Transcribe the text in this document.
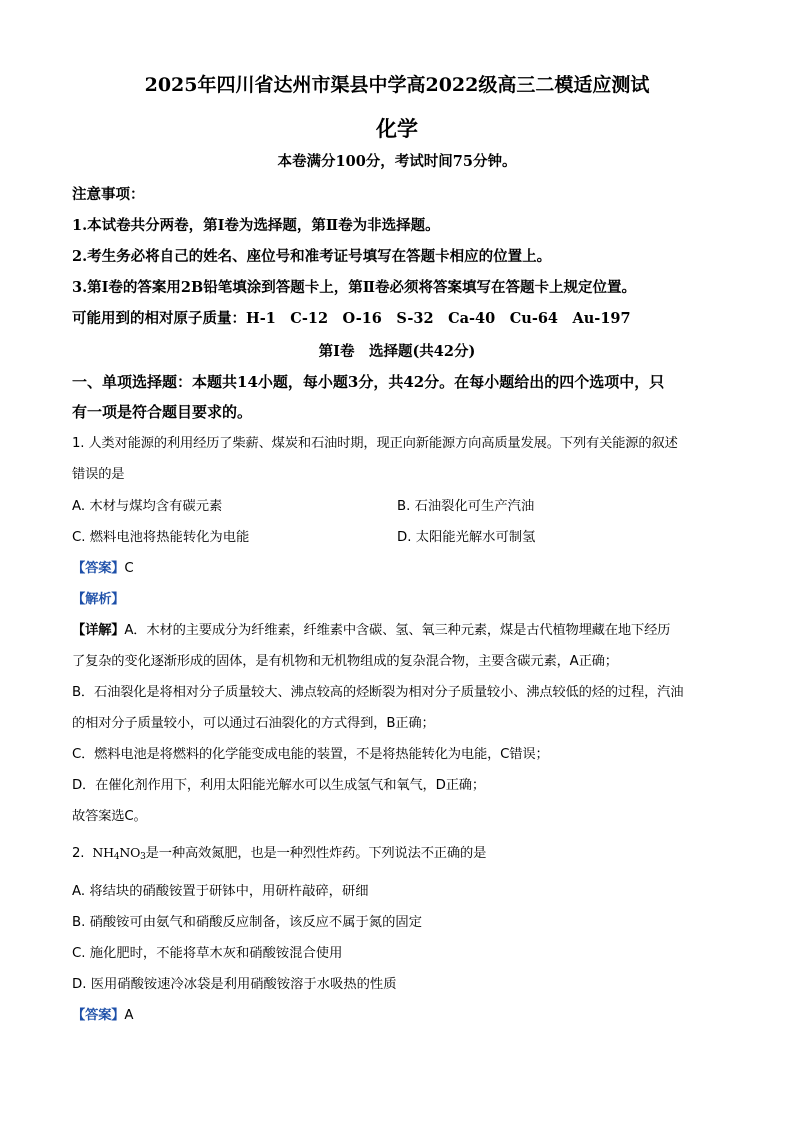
2025年四川省达州市渠县中学高2022级高三二模适应测试
化学
本卷满分100分，考试时间75分钟。
注意事项：
1.本试卷共分两卷，第Ⅰ卷为选择题，第Ⅱ卷为非选择题。
2.考生务必将自己的姓名、座位号和准考证号填写在答题卡相应的位置上。
3.第Ⅰ卷的答案用2B铅笔填涂到答题卡上，第Ⅱ卷必须将答案填写在答题卡上规定位置。
可能用到的相对原子质量：H-1　C-12　O-16　S-32　Ca-40　Cu-64　Au-197
第Ⅰ卷　选择题(共42分)
一、单项选择题：本题共14小题，每小题3分，共42分。在每小题给出的四个选项中，只
有一项是符合题目要求的。
1. 人类对能源的利用经历了柴薪、煤炭和石油时期，现正向新能源方向高质量发展。下列有关能源的叙述
错误的是
A. 木材与煤均含有碳元素	B. 石油裂化可生产汽油
C. 燃料电池将热能转化为电能	D. 太阳能光解水可制氢
【答案】C
【解析】
【详解】A．木材的主要成分为纤维素，纤维素中含碳、氢、氧三种元素，煤是古代植物埋藏在地下经历
了复杂的变化逐渐形成的固体，是有机物和无机物组成的复杂混合物，主要含碳元素，A正确；
B．石油裂化是将相对分子质量较大、沸点较高的烃断裂为相对分子质量较小、沸点较低的烃的过程，汽油
的相对分子质量较小，可以通过石油裂化的方式得到，B正确；
C．燃料电池是将燃料的化学能变成电能的装置，不是将热能转化为电能，C错误；
D．在催化剂作用下，利用太阳能光解水可以生成氢气和氧气，D正确；
故答案选C。
2. $NH_4NO_3$是一种高效氮肥，也是一种烈性炸药。下列说法不正确的是
A. 将结块的硝酸铵置于研钵中，用研杵敲碎，研细
B. 硝酸铵可由氨气和硝酸反应制备，该反应不属于氮的固定
C. 施化肥时，不能将草木灰和硝酸铵混合使用
D. 医用硝酸铵速冷冰袋是利用硝酸铵溶于水吸热的性质
【答案】A
